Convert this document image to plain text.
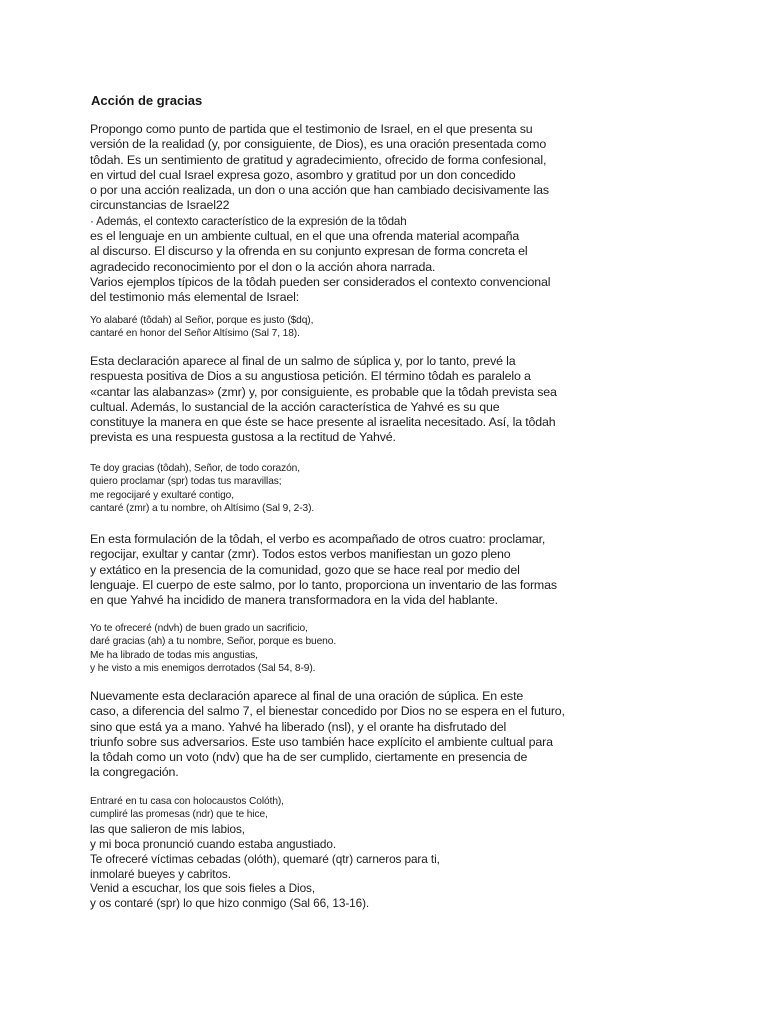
Acción de gracias
Propongo como punto de partida que el testimonio de Israel, en el que presenta su
versión de la realidad (y, por consiguiente, de Dios), es una oración presentada como
tôdah. Es un sentimiento de gratitud y agradecimiento, ofrecido de forma confesional,
en virtud del cual Israel expresa gozo, asombro y gratitud por un don concedido
o por una acción realizada, un don o una acción que han cambiado decisivamente las
circunstancias de Israel22
· Además, el contexto característico de la expresión de la tôdah
es el lenguaje en un ambiente cultual, en el que una ofrenda material acompaña
al discurso. El discurso y la ofrenda en su conjunto expresan de forma concreta el
agradecido reconocimiento por el don o la acción ahora narrada.
Varios ejemplos típicos de la tôdah pueden ser considerados el contexto convencional
del testimonio más elemental de Israel:
Yo alabaré (tôdah) al Señor, porque es justo ($dq),
cantaré en honor del Señor Altísimo (Sal 7, 18).
Esta declaración aparece al final de un salmo de súplica y, por lo tanto, prevé la
respuesta positiva de Dios a su angustiosa petición. El término tôdah es paralelo a
«cantar las alabanzas» (zmr) y, por consiguiente, es probable que la tôdah prevista sea
cultual. Además, lo sustancial de la acción característica de Yahvé es su que
constituye la manera en que éste se hace presente al israelita necesitado. Así, la tôdah
prevista es una respuesta gustosa a la rectitud de Yahvé.
Te doy gracias (tôdah), Señor, de todo corazón,
quiero proclamar (spr) todas tus maravillas;
me regocijaré y exultaré contigo,
cantaré (zmr) a tu nombre, oh Altísimo (Sal 9, 2-3).
En esta formulación de la tôdah, el verbo es acompañado de otros cuatro: proclamar,
regocijar, exultar y cantar (zmr). Todos estos verbos manifiestan un gozo pleno
y extático en la presencia de la comunidad, gozo que se hace real por medio del
lenguaje. El cuerpo de este salmo, por lo tanto, proporciona un inventario de las formas
en que Yahvé ha incidido de manera transformadora en la vida del hablante.
Yo te ofreceré (ndvh) de buen grado un sacrificio,
daré gracias (ah) a tu nombre, Señor, porque es bueno.
Me ha librado de todas mis angustias,
y he visto a mis enemigos derrotados (Sal 54, 8-9).
Nuevamente esta declaración aparece al final de una oración de súplica. En este
caso, a diferencia del salmo 7, el bienestar concedido por Dios no se espera en el futuro,
sino que está ya a mano. Yahvé ha liberado (nsl), y el orante ha disfrutado del
triunfo sobre sus adversarios. Este uso también hace explícito el ambiente cultual para
la tôdah como un voto (ndv) que ha de ser cumplido, ciertamente en presencia de
la congregación.
Entraré en tu casa con holocaustos Colóth),
cumpliré las promesas (ndr) que te hice,
las que salieron de mis labios,
y mi boca pronunció cuando estaba angustiado.
Te ofreceré víctimas cebadas (olóth), quemaré (qtr) carneros para ti,
inmolaré bueyes y cabritos.
Venid a escuchar, los que sois fieles a Dios,
y os contaré (spr) lo que hizo conmigo (Sal 66, 13-16).
